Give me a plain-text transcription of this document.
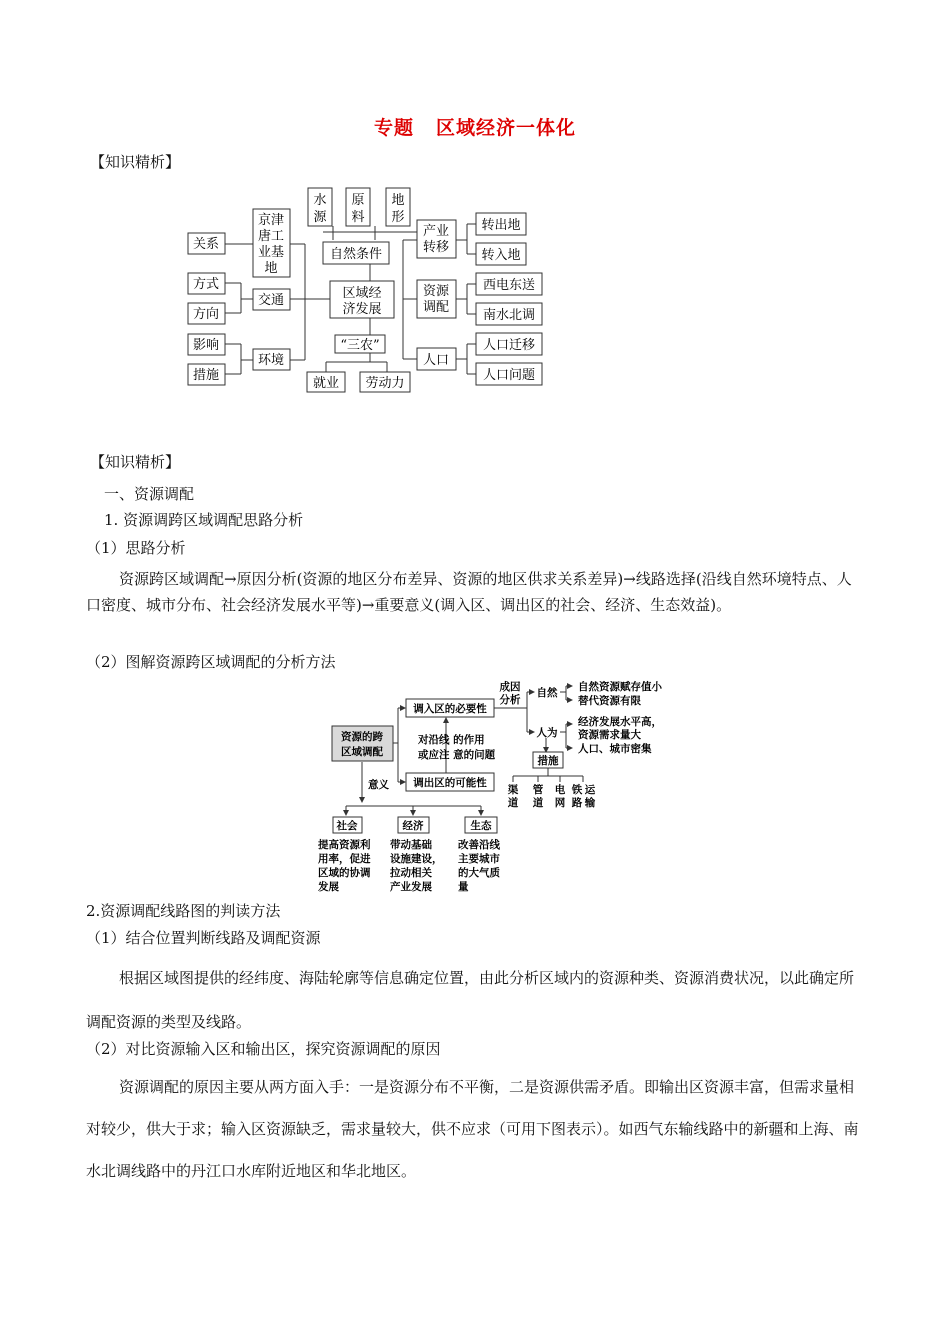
专题 区域经济一体化
【知识精析】
水
源
原
料
地
形
自然条件
区域经
济发展
“三农”
就业 劳动力
京津
唐工
业基
地
关系
交通
方式
方向
环境
影响
措施
产业
转移
转出地
转入地
资源
调配
西电东送
南水北调
人口
人口迁移
人口问题
【知识精析】
一、资源调配
1. 资源调跨区域调配思路分析
（1）思路分析
资源跨区域调配→原因分析(资源的地区分布差异、资源的地区供求关系差异)→线路选择(沿线自然环境特点、人口密度、城市分布、社会经济发展水平等)→重要意义(调入区、调出区的社会、经济、生态效益)。
（2）图解资源跨区域调配的分析方法
资源的跨
区域调配
调入区的必要性
调出区的可能性
成因
分析
自然
人为
自然资源赋存值小
替代资源有限
经济发展水平高，
资源需求量大
人口、城市密集
措施
渠
道
管
道
电
网
铁
路
运
输
对沿线 的作用
或应注 意的问题
意义
社会
提高资源利
用率，促进
区域的协调
发展
经济
带动基础
设施建设，
拉动相关
产业发展
生态
改善沿线
主要城市
的大气质
量
2.资源调配线路图的判读方法
（1）结合位置判断线路及调配资源
根据区域图提供的经纬度、海陆轮廓等信息确定位置，由此分析区域内的资源种类、资源消费状况，以此确定所调配资源的类型及线路。
（2）对比资源输入区和输出区，探究资源调配的原因
资源调配的原因主要从两方面入手：一是资源分布不平衡，二是资源供需矛盾。即输出区资源丰富，但需求量相对较少，供大于求；输入区资源缺乏，需求量较大，供不应求（可用下图表示）。如西气东输线路中的新疆和上海、南水北调线路中的丹江口水库附近地区和华北地区。
